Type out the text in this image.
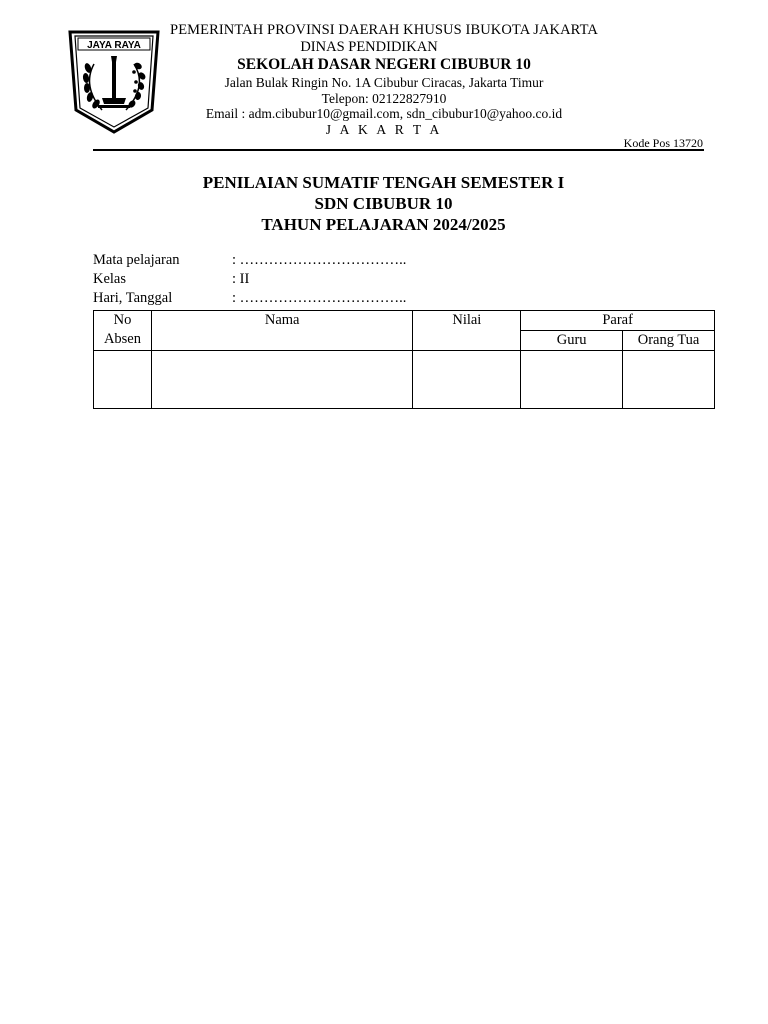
JAYA RAYA
PEMERINTAH PROVINSI DAERAH KHUSUS IBUKOTA JAKARTA
DINAS PENDIDIKAN
SEKOLAH DASAR NEGERI CIBUBUR 10
Jalan Bulak Ringin No. 1A Cibubur Ciracas, Jakarta Timur
Telepon: 02122827910
Email : adm.cibubur10@gmail.com, sdn_cibubur10@yahoo.co.id
J A K A R T A
Kode Pos 13720
PENILAIAN SUMATIF TENGAH SEMESTER I
SDN CIBUBUR 10
TAHUN PELAJARAN 2024/2025
Mata pelajaran	: ……………………………..
Kelas	: II
Hari, Tanggal	: ……………………………..
No
Absen	Nama	Nilai	Paraf	
			Guru	Orang Tua
